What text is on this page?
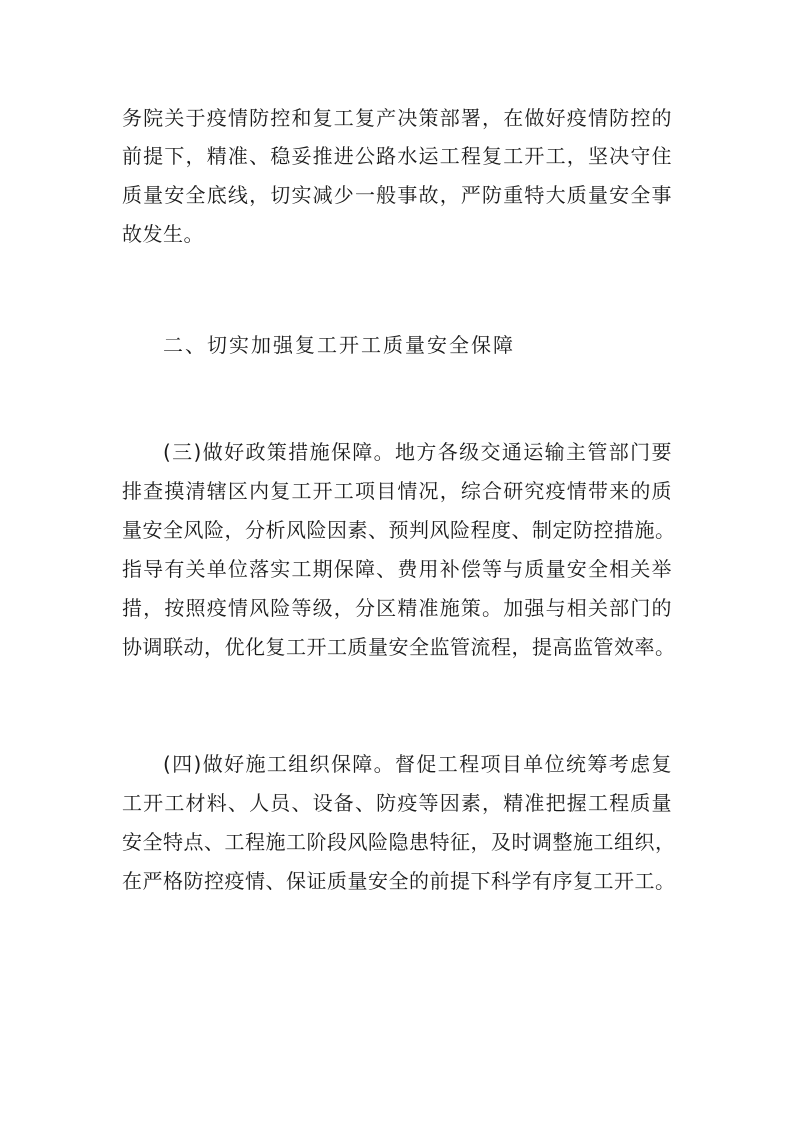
务院关于疫情防控和复工复产决策部署，在做好疫情防控的
前提下，精准、稳妥推进公路水运工程复工开工，坚决守住
质量安全底线，切实减少一般事故，严防重特大质量安全事
故发生。
二、切实加强复工开工质量安全保障
(三)做好政策措施保障。地方各级交通运输主管部门要
排查摸清辖区内复工开工项目情况，综合研究疫情带来的质
量安全风险，分析风险因素、预判风险程度、制定防控措施。
指导有关单位落实工期保障、费用补偿等与质量安全相关举
措，按照疫情风险等级，分区精准施策。加强与相关部门的
协调联动，优化复工开工质量安全监管流程，提高监管效率。
(四)做好施工组织保障。督促工程项目单位统筹考虑复
工开工材料、人员、设备、防疫等因素，精准把握工程质量
安全特点、工程施工阶段风险隐患特征，及时调整施工组织，
在严格防控疫情、保证质量安全的前提下科学有序复工开工。
